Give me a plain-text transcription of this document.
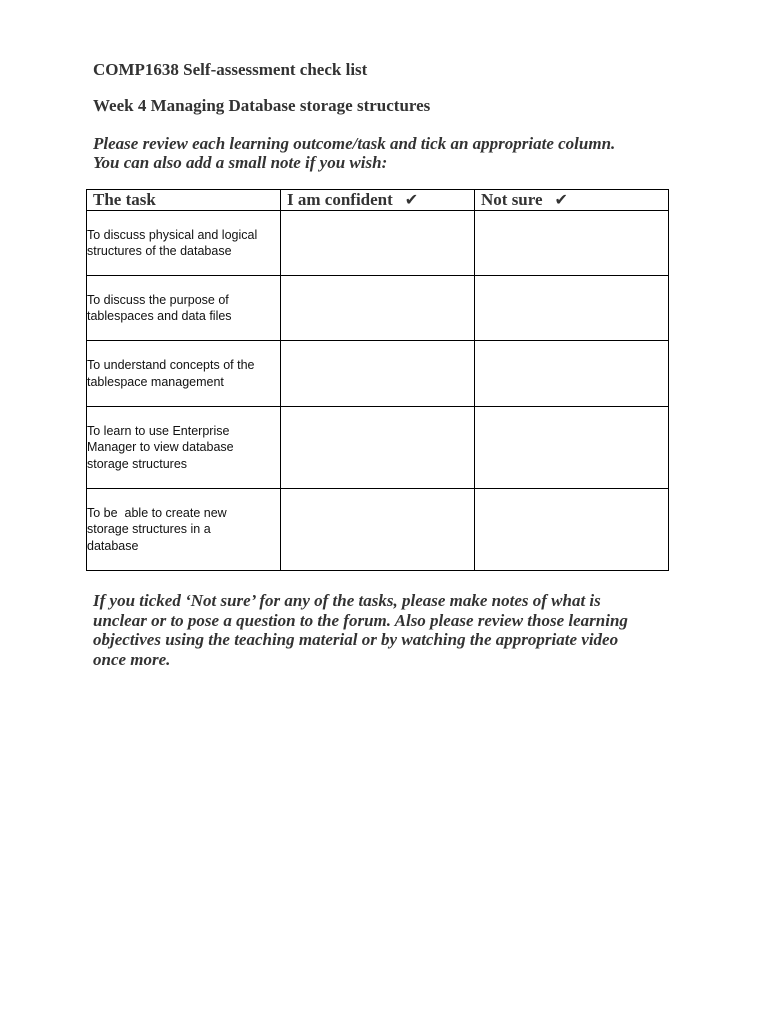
COMP1638 Self-assessment check list
Week 4 Managing Database storage structures
Please review each learning outcome/task and tick an appropriate column.
You can also add a small note if you wish:
The task	I am confident ✔	Not sure ✔

To discuss physical and logical
structures of the database		

To discuss the purpose of
tablespaces and data files		

To understand concepts of the
tablespace management		

To learn to use Enterprise
Manager to view database
storage structures		

To be  able to create new
storage structures in a
database		

If you ticked ‘Not sure’ for any of the tasks, please make notes of what is
unclear or to pose a question to the forum. Also please review those learning
objectives using the teaching material or by watching the appropriate video
once more.
